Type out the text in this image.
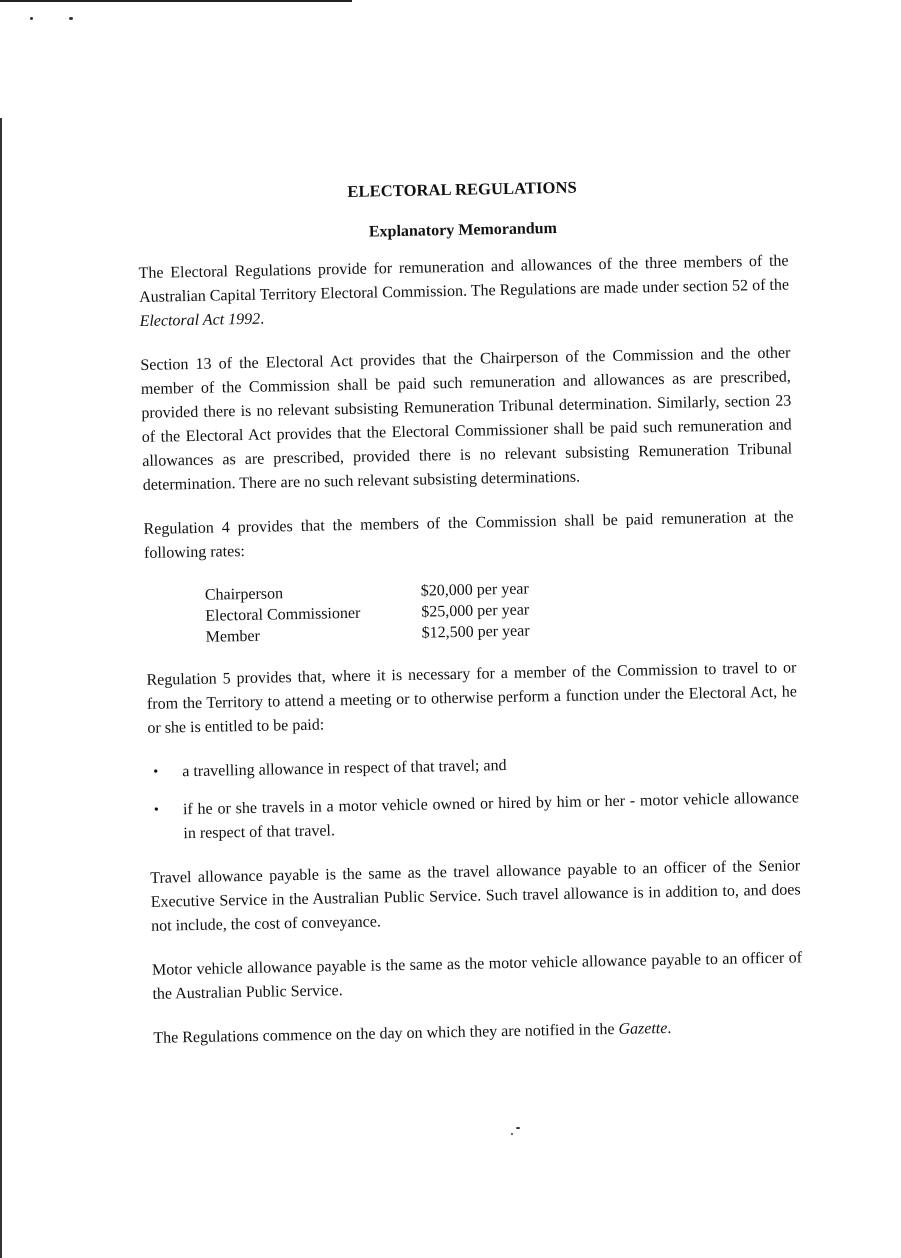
ELECTORAL REGULATIONS
Explanatory Memorandum

The Electoral Regulations provide for remuneration and allowances of the three members of the Australian Capital Territory Electoral Commission. The Regulations are made under section 52 of the Electoral Act 1992.

Section 13 of the Electoral Act provides that the Chairperson of the Commission and the other member of the Commission shall be paid such remuneration and allowances as are prescribed, provided there is no relevant subsisting Remuneration Tribunal determination. Similarly, section 23 of the Electoral Act provides that the Electoral Commissioner shall be paid such remuneration and allowances as are prescribed, provided there is no relevant subsisting Remuneration Tribunal determination. There are no such relevant subsisting determinations.

Regulation 4 provides that the members of the Commission shall be paid remuneration at the following rates:

Chairperson	$20,000 per year
Electoral Commissioner	$25,000 per year
Member	$12,500 per year

Regulation 5 provides that, where it is necessary for a member of the Commission to travel to or from the Territory to attend a meeting or to otherwise perform a function under the Electoral Act, he or she is entitled to be paid:

• a travelling allowance in respect of that travel; and
• if he or she travels in a motor vehicle owned or hired by him or her - motor vehicle allowance in respect of that travel.

Travel allowance payable is the same as the travel allowance payable to an officer of the Senior Executive Service in the Australian Public Service. Such travel allowance is in addition to, and does not include, the cost of conveyance.

Motor vehicle allowance payable is the same as the motor vehicle allowance payable to an officer of the Australian Public Service.

The Regulations commence on the day on which they are notified in the Gazette.
